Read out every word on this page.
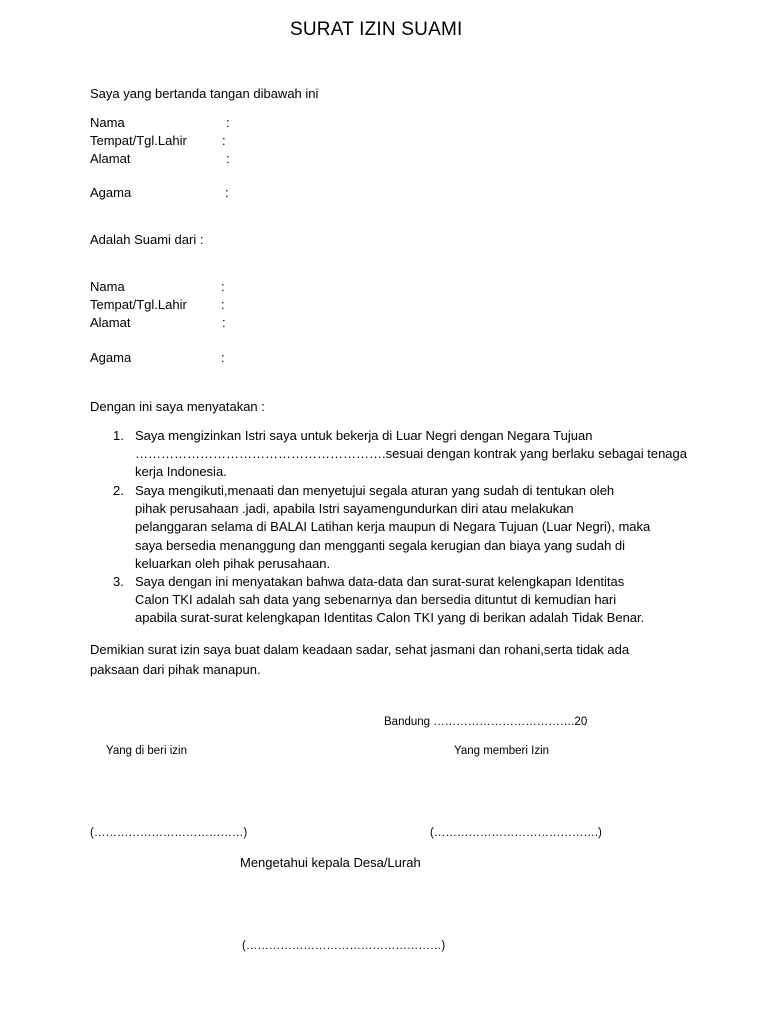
SURAT IZIN SUAMI
Saya yang bertanda tangan dibawah ini
Nama	:
Tempat/Tgl.Lahir	:
Alamat	:
Agama	:
Adalah Suami dari :
Nama	:
Tempat/Tgl.Lahir	:
Alamat	:
Agama	:
Dengan ini saya menyatakan :
1. Saya mengizinkan Istri saya untuk bekerja di Luar Negri dengan Negara Tujuan
………………………………………………….sesuai dengan kontrak yang berlaku sebagai tenaga
kerja Indonesia.
2. Saya mengikuti,menaati dan menyetujui segala aturan yang sudah di tentukan oleh
pihak perusahaan .jadi, apabila Istri sayamengundurkan diri atau melakukan
pelanggaran selama di BALAI Latihan kerja maupun di Negara Tujuan (Luar Negri), maka
saya bersedia menanggung dan mengganti segala kerugian dan biaya yang sudah di
keluarkan oleh pihak perusahaan.
3. Saya dengan ini menyatakan bahwa data-data dan surat-surat kelengkapan Identitas
Calon TKI adalah sah data yang sebenarnya dan bersedia dituntut di kemudian hari
apabila surat-surat kelengkapan Identitas Calon TKI yang di berikan adalah Tidak Benar.
Demikian surat izin saya buat dalam keadaan sadar, sehat jasmani dan rohani,serta tidak ada
paksaan dari pihak manapun.
Bandung ……………………………….20
Yang di beri izin	Yang memberi Izin
(…………………………………)	(…………………………………….)
Mengetahui kepala Desa/Lurah
(……………………………………………)
